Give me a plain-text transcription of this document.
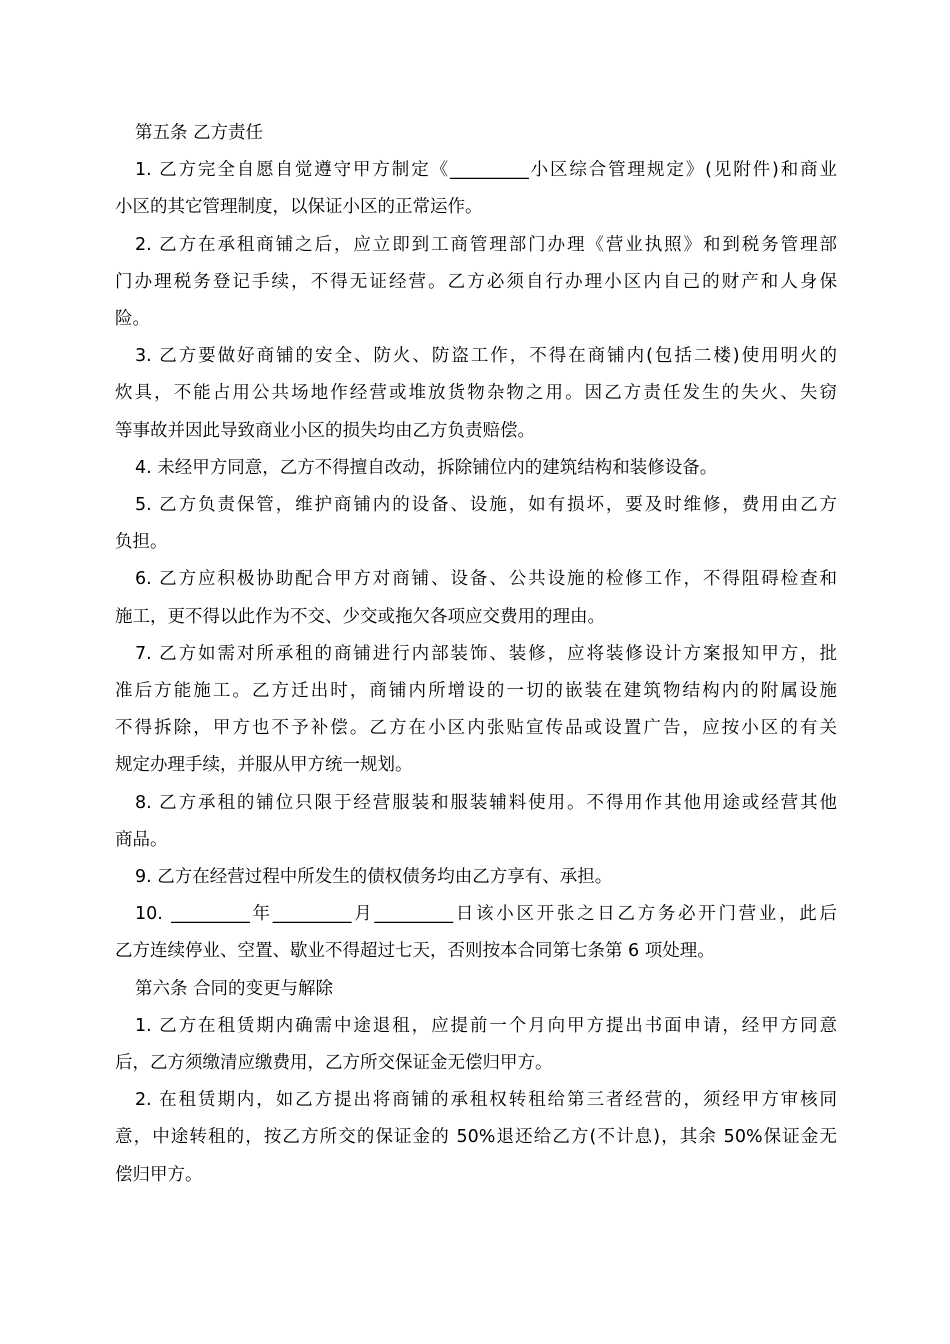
第五条 乙方责任
1. 乙方完全自愿自觉遵守甲方制定《_________小区综合管理规定》(见附件)和商业
小区的其它管理制度，以保证小区的正常运作。
2. 乙方在承租商铺之后，应立即到工商管理部门办理《营业执照》和到税务管理部
门办理税务登记手续，不得无证经营。乙方必须自行办理小区内自己的财产和人身保
险。
3. 乙方要做好商铺的安全、防火、防盗工作，不得在商铺内(包括二楼)使用明火的
炊具，不能占用公共场地作经营或堆放货物杂物之用。因乙方责任发生的失火、失窃
等事故并因此导致商业小区的损失均由乙方负责赔偿。
4. 未经甲方同意，乙方不得擅自改动，拆除铺位内的建筑结构和装修设备。
5. 乙方负责保管，维护商铺内的设备、设施，如有损坏，要及时维修，费用由乙方
负担。
6. 乙方应积极协助配合甲方对商铺、设备、公共设施的检修工作，不得阻碍检查和
施工，更不得以此作为不交、少交或拖欠各项应交费用的理由。
7. 乙方如需对所承租的商铺进行内部装饰、装修，应将装修设计方案报知甲方，批
准后方能施工。乙方迁出时，商铺内所增设的一切的嵌装在建筑物结构内的附属设施
不得拆除，甲方也不予补偿。乙方在小区内张贴宣传品或设置广告，应按小区的有关
规定办理手续，并服从甲方统一规划。
8. 乙方承租的铺位只限于经营服装和服装辅料使用。不得用作其他用途或经营其他
商品。
9. 乙方在经营过程中所发生的债权债务均由乙方享有、承担。
10. _________年_________月_________日该小区开张之日乙方务必开门营业，此后
乙方连续停业、空置、歇业不得超过七天，否则按本合同第七条第 6 项处理。
第六条 合同的变更与解除
1. 乙方在租赁期内确需中途退租，应提前一个月向甲方提出书面申请，经甲方同意
后，乙方须缴清应缴费用，乙方所交保证金无偿归甲方。
2. 在租赁期内，如乙方提出将商铺的承租权转租给第三者经营的，须经甲方审核同
意，中途转租的，按乙方所交的保证金的 50%退还给乙方(不计息)，其余 50%保证金无
偿归甲方。
